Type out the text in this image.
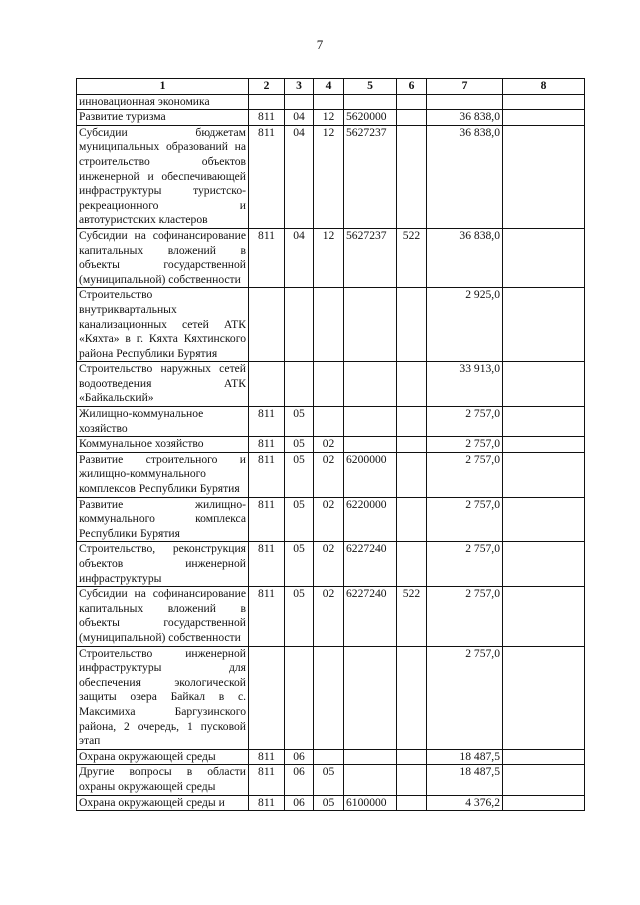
7
1	2	3	4	5	6	7	8
инновационная экономика							
Развитие туризма	811	04	12	5620000		36 838,0	
Субсидии бюджетам муниципальных образований на строительство объектов инженерной и обеспечивающей инфраструктуры туристско-рекреационного и автотуристских кластеров	811	04	12	5627237		36 838,0	
Субсидии на софинансирование капитальных вложений в объекты государственной (муниципальной) собственности	811	04	12	5627237	522	36 838,0	
Строительство внутриквартальных канализационных сетей АТК «Кяхта» в г. Кяхта Кяхтинского района Республики Бурятия						2 925,0	
Строительство наружных сетей водоотведения АТК «Байкальский»						33 913,0	
Жилищно-коммунальное хозяйство	811	05				2 757,0	
Коммунальное хозяйство	811	05	02			2 757,0	
Развитие строительного и жилищно-коммунального комплексов Республики Бурятия	811	05	02	6200000		2 757,0	
Развитие жилищно-коммунального комплекса Республики Бурятия	811	05	02	6220000		2 757,0	
Строительство, реконструкция объектов инженерной инфраструктуры	811	05	02	6227240		2 757,0	
Субсидии на софинансирование капитальных вложений в объекты государственной (муниципальной) собственности	811	05	02	6227240	522	2 757,0	
Строительство инженерной инфраструктуры для обеспечения экологической защиты озера Байкал в с. Максимиха Баргузинского района, 2 очередь, 1 пусковой этап						2 757,0	
Охрана окружающей среды	811	06				18 487,5	
Другие вопросы в области охраны окружающей среды	811	06	05			18 487,5	
Охрана окружающей среды и	811	06	05	6100000		4 376,2	
